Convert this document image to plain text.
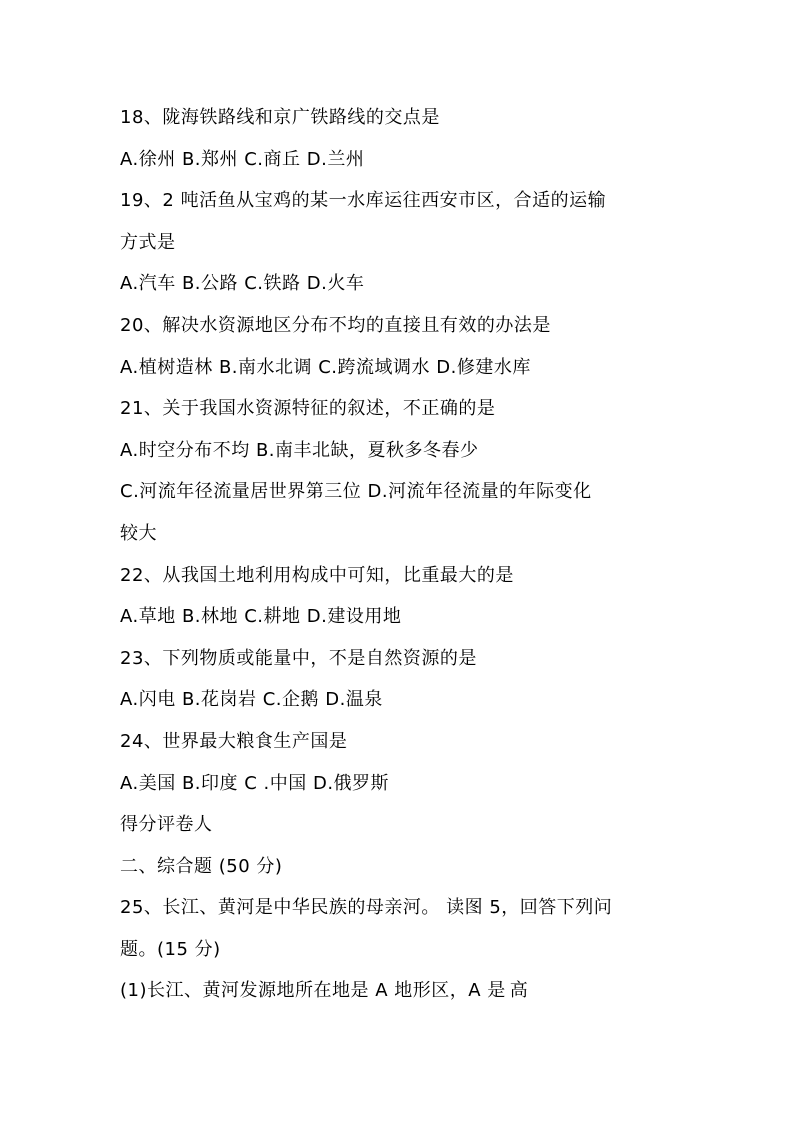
18、陇海铁路线和京广铁路线的交点是
A.徐州 B.郑州 C.商丘 D.兰州
19、2 吨活鱼从宝鸡的某一水库运往西安市区，合适的运输
方式是
A.汽车 B.公路 C.铁路 D.火车
20、解决水资源地区分布不均的直接且有效的办法是
A.植树造林 B.南水北调 C.跨流域调水 D.修建水库
21、关于我国水资源特征的叙述，不正确的是
A.时空分布不均 B.南丰北缺，夏秋多冬春少
C.河流年径流量居世界第三位 D.河流年径流量的年际变化
较大
22、从我国土地利用构成中可知，比重最大的是
A.草地 B.林地 C.耕地 D.建设用地
23、下列物质或能量中，不是自然资源的是
A.闪电 B.花岗岩 C.企鹅 D.温泉
24、世界最大粮食生产国是
A.美国 B.印度 C .中国 D.俄罗斯
得分评卷人
二、综合题 (50 分)
25、长江、黄河是中华民族的母亲河。 读图 5，回答下列问
题。(15 分)
(1)长江、黄河发源地所在地是 A 地形区，A 是 高
